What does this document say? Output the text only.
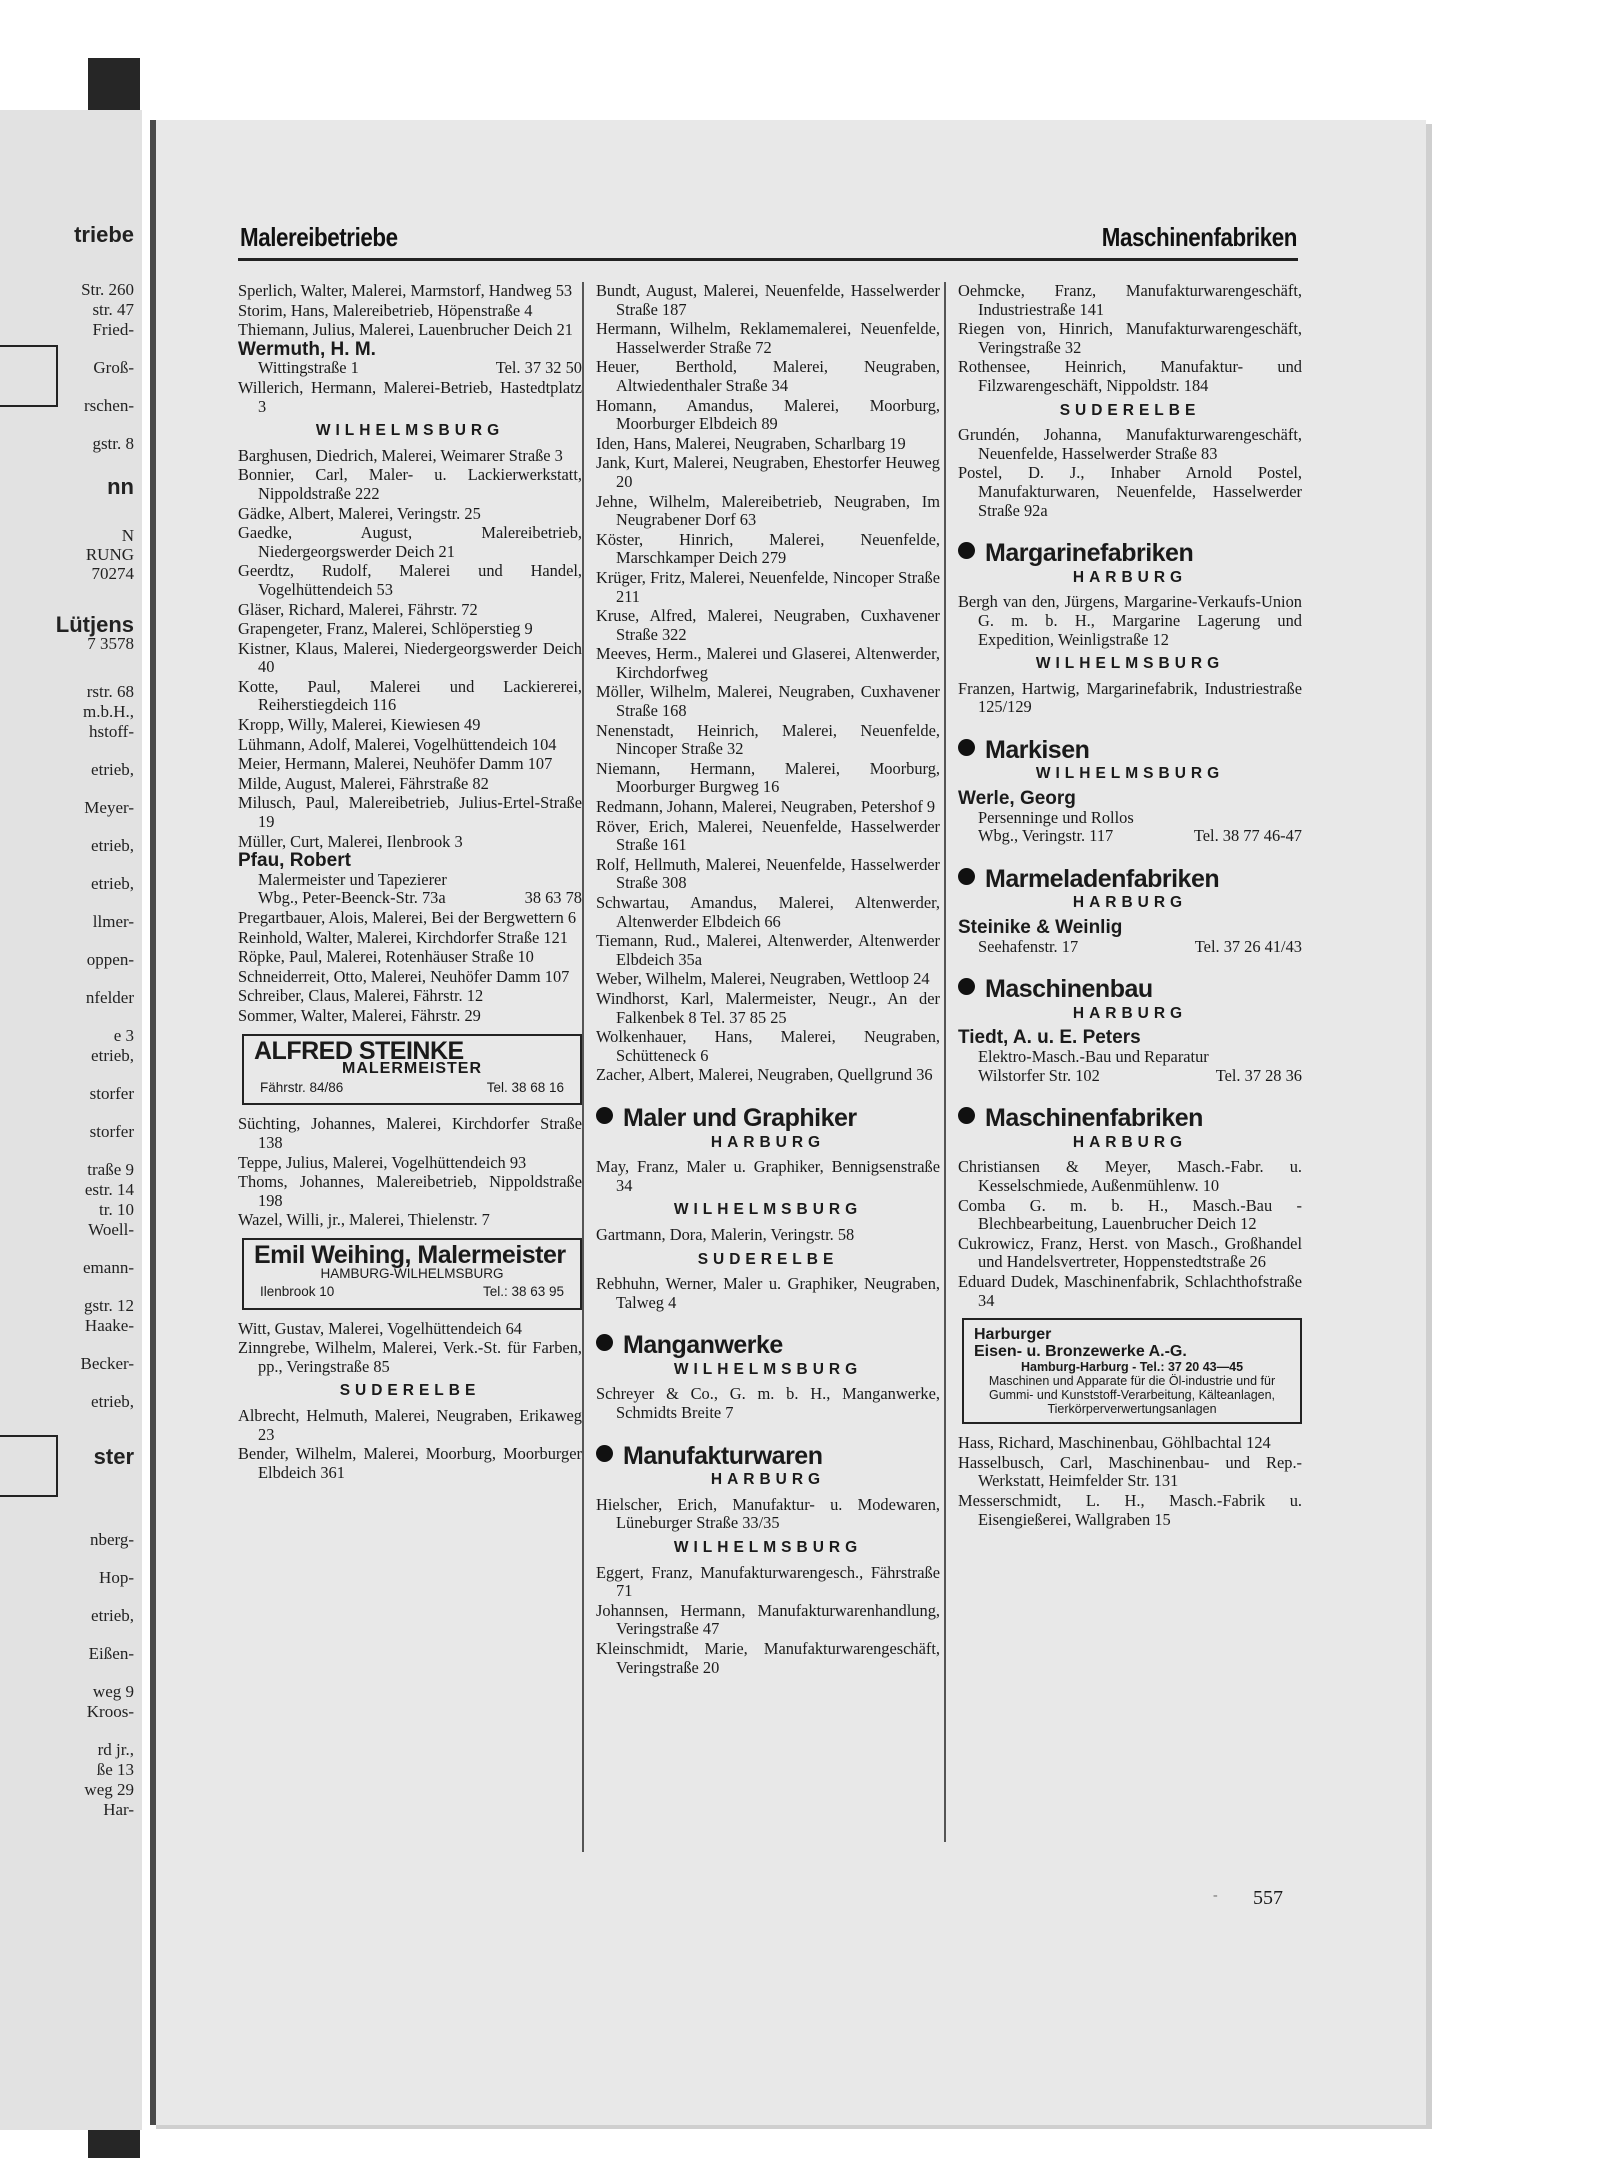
triebe
Str. 260
str. 47
Fried-
Groß-
rschen-
gstr. 8
nn
N
RUNG
70274
Lütjens
7 3578
rstr. 68
m.b.H.,
hstoff-
etrieb,
Meyer-
etrieb,
etrieb,
llmer-
oppen-
nfelder
e 3
etrieb,
storfer
storfer
traße 9
estr. 14
tr. 10
Woell-
emann-
gstr. 12
Haake-
Becker-
etrieb,
ster
nberg-
Hop-
etrieb,
Eißen-
weg 9
Kroos-
rd jr.,
ße 13
weg 29
Har-
Malereibetriebe	Maschinenfabriken
Sperlich, Walter, Malerei, Marmstorf, Handweg 53
Storim, Hans, Malereibetrieb, Höpenstraße 4
Thiemann, Julius, Malerei, Lauenbrucher Deich 21
Wermuth, H. M.
Tel. 37 32 50
Wittingstraße 1
Willerich, Hermann, Malerei-Betrieb, Hastedtplatz 3
WILHELMSBURG
Barghusen, Diedrich, Malerei, Weimarer Straße 3
Bonnier, Carl, Maler- u. Lackierwerkstatt, Nippoldstraße 222
Gädke, Albert, Malerei, Veringstr. 25
Gaedke, August, Malereibetrieb, Niedergeorgswerder Deich 21
Geerdtz, Rudolf, Malerei und Handel, Vogelhüttendeich 53
Gläser, Richard, Malerei, Fährstr. 72
Grapengeter, Franz, Malerei, Schlöperstieg 9
Kistner, Klaus, Malerei, Niedergeorgswerder Deich 40
Kotte, Paul, Malerei und Lackiererei, Reiherstiegdeich 116
Kropp, Willy, Malerei, Kiewiesen 49
Lühmann, Adolf, Malerei, Vogelhüttendeich 104
Meier, Hermann, Malerei, Neuhöfer Damm 107
Milde, August, Malerei, Fährstraße 82
Milusch, Paul, Malereibetrieb, Julius-Ertel-Straße 19
Müller, Curt, Malerei, Ilenbrook 3
Pfau, Robert
Malermeister und Tapezierer
38 63 78
Wbg., Peter-Beenck-Str. 73a
Pregartbauer, Alois, Malerei, Bei der Bergwettern 6
Reinhold, Walter, Malerei, Kirchdorfer Straße 121
Röpke, Paul, Malerei, Rotenhäuser Straße 10
Schneiderreit, Otto, Malerei, Neuhöfer Damm 107
Schreiber, Claus, Malerei, Fährstr. 12
Sommer, Walter, Malerei, Fährstr. 29
ALFRED STEINKE
MALERMEISTER
Fährstr. 84/86	Tel. 38 68 16
Süchting, Johannes, Malerei, Kirchdorfer Straße 138
Teppe, Julius, Malerei, Vogelhüttendeich 93
Thoms, Johannes, Malereibetrieb, Nippoldstraße 198
Wazel, Willi, jr., Malerei, Thielenstr. 7
Emil Weihing, Malermeister
HAMBURG-WILHELMSBURG
Ilenbrook 10	Tel.: 38 63 95
Witt, Gustav, Malerei, Vogelhüttendeich 64
Zinngrebe, Wilhelm, Malerei, Verk.-St. für Farben, pp., Veringstraße 85
SUDERELBE
Albrecht, Helmuth, Malerei, Neugraben, Erikaweg 23
Bender, Wilhelm, Malerei, Moorburg, Moorburger Elbdeich 361
Bundt, August, Malerei, Neuenfelde, Hasselwerder Straße 187
Hermann, Wilhelm, Reklamemalerei, Neuenfelde, Hasselwerder Straße 72
Heuer, Berthold, Malerei, Neugraben, Altwiedenthaler Straße 34
Homann, Amandus, Malerei, Moorburg, Moorburger Elbdeich 89
Iden, Hans, Malerei, Neugraben, Scharlbarg 19
Jank, Kurt, Malerei, Neugraben, Ehestorfer Heuweg 20
Jehne, Wilhelm, Malereibetrieb, Neugraben, Im Neugrabener Dorf 63
Köster, Hinrich, Malerei, Neuenfelde, Marschkamper Deich 279
Krüger, Fritz, Malerei, Neuenfelde, Nincoper Straße 211
Kruse, Alfred, Malerei, Neugraben, Cuxhavener Straße 322
Meeves, Herm., Malerei und Glaserei, Altenwerder, Kirchdorfweg
Möller, Wilhelm, Malerei, Neugraben, Cuxhavener Straße 168
Nenenstadt, Heinrich, Malerei, Neuenfelde, Nincoper Straße 32
Niemann, Hermann, Malerei, Moorburg, Moorburger Burgweg 16
Redmann, Johann, Malerei, Neugraben, Petershof 9
Röver, Erich, Malerei, Neuenfelde, Hasselwerder Straße 161
Rolf, Hellmuth, Malerei, Neuenfelde, Hasselwerder Straße 308
Schwartau, Amandus, Malerei, Altenwerder, Altenwerder Elbdeich 66
Tiemann, Rud., Malerei, Altenwerder, Altenwerder Elbdeich 35a
Weber, Wilhelm, Malerei, Neugraben, Wettloop 24
Windhorst, Karl, Malermeister, Neugr., An der Falkenbek 8 Tel. 37 85 25
Wolkenhauer, Hans, Malerei, Neugraben, Schütteneck 6
Zacher, Albert, Malerei, Neugraben, Quellgrund 36
Maler und Graphiker
HARBURG
May, Franz, Maler u. Graphiker, Bennigsenstraße 34
WILHELMSBURG
Gartmann, Dora, Malerin, Veringstr. 58
SUDERELBE
Rebhuhn, Werner, Maler u. Graphiker, Neugraben, Talweg 4
Manganwerke
WILHELMSBURG
Schreyer & Co., G. m. b. H., Manganwerke, Schmidts Breite 7
Manufakturwaren
HARBURG
Hielscher, Erich, Manufaktur- u. Modewaren, Lüneburger Straße 33/35
WILHELMSBURG
Eggert, Franz, Manufakturwarengesch., Fährstraße 71
Johannsen, Hermann, Manufakturwarenhandlung, Veringstraße 47
Kleinschmidt, Marie, Manufakturwarengeschäft, Veringstraße 20
Oehmcke, Franz, Manufakturwarengeschäft, Industriestraße 141
Riegen von, Hinrich, Manufakturwarengeschäft, Veringstraße 32
Rothensee, Heinrich, Manufaktur- und Filzwarengeschäft, Nippoldstr. 184
SUDERELBE
Grundén, Johanna, Manufakturwarengeschäft, Neuenfelde, Hasselwerder Straße 83
Postel, D. J., Inhaber Arnold Postel, Manufakturwaren, Neuenfelde, Hasselwerder Straße 92a
Margarinefabriken
HARBURG
Bergh van den, Jürgens, Margarine-Verkaufs-Union G. m. b. H., Margarine Lagerung und Expedition, Weinligstraße 12
WILHELMSBURG
Franzen, Hartwig, Margarinefabrik, Industriestraße 125/129
Markisen
WILHELMSBURG
Werle, Georg
Persenninge und Rollos
Tel. 38 77 46-47
Wbg., Veringstr. 117
Marmeladenfabriken
HARBURG
Steinike & Weinlig
Tel. 37 26 41/43
Seehafenstr. 17
Maschinenbau
HARBURG
Tiedt, A. u. E. Peters
Elektro-Masch.-Bau und Reparatur
Tel. 37 28 36
Wilstorfer Str. 102
Maschinenfabriken
HARBURG
Christiansen & Meyer, Masch.-Fabr. u. Kesselschmiede, Außenmühlenw. 10
Comba G. m. b. H., Masch.-Bau - Blechbearbeitung, Lauenbrucher Deich 12
Cukrowicz, Franz, Herst. von Masch., Großhandel und Handelsvertreter, Hoppenstedtstraße 26
Eduard Dudek, Maschinenfabrik, Schlachthofstraße 34
Harburger
Eisen- u. Bronzewerke A.-G.
Hamburg-Harburg - Tel.: 37 20 43—45
Maschinen und Apparate für die Öl-industrie und für Gummi- und Kunststoff-Verarbeitung, Kälteanlagen, Tierkörperverwertungsanlagen
Hass, Richard, Maschinenbau, Göhlbachtal 124
Hasselbusch, Carl, Maschinenbau- und Rep.-Werkstatt, Heimfelder Str. 131
Messerschmidt, L. H., Masch.-Fabrik u. Eisengießerei, Wallgraben 15
‐ 557
